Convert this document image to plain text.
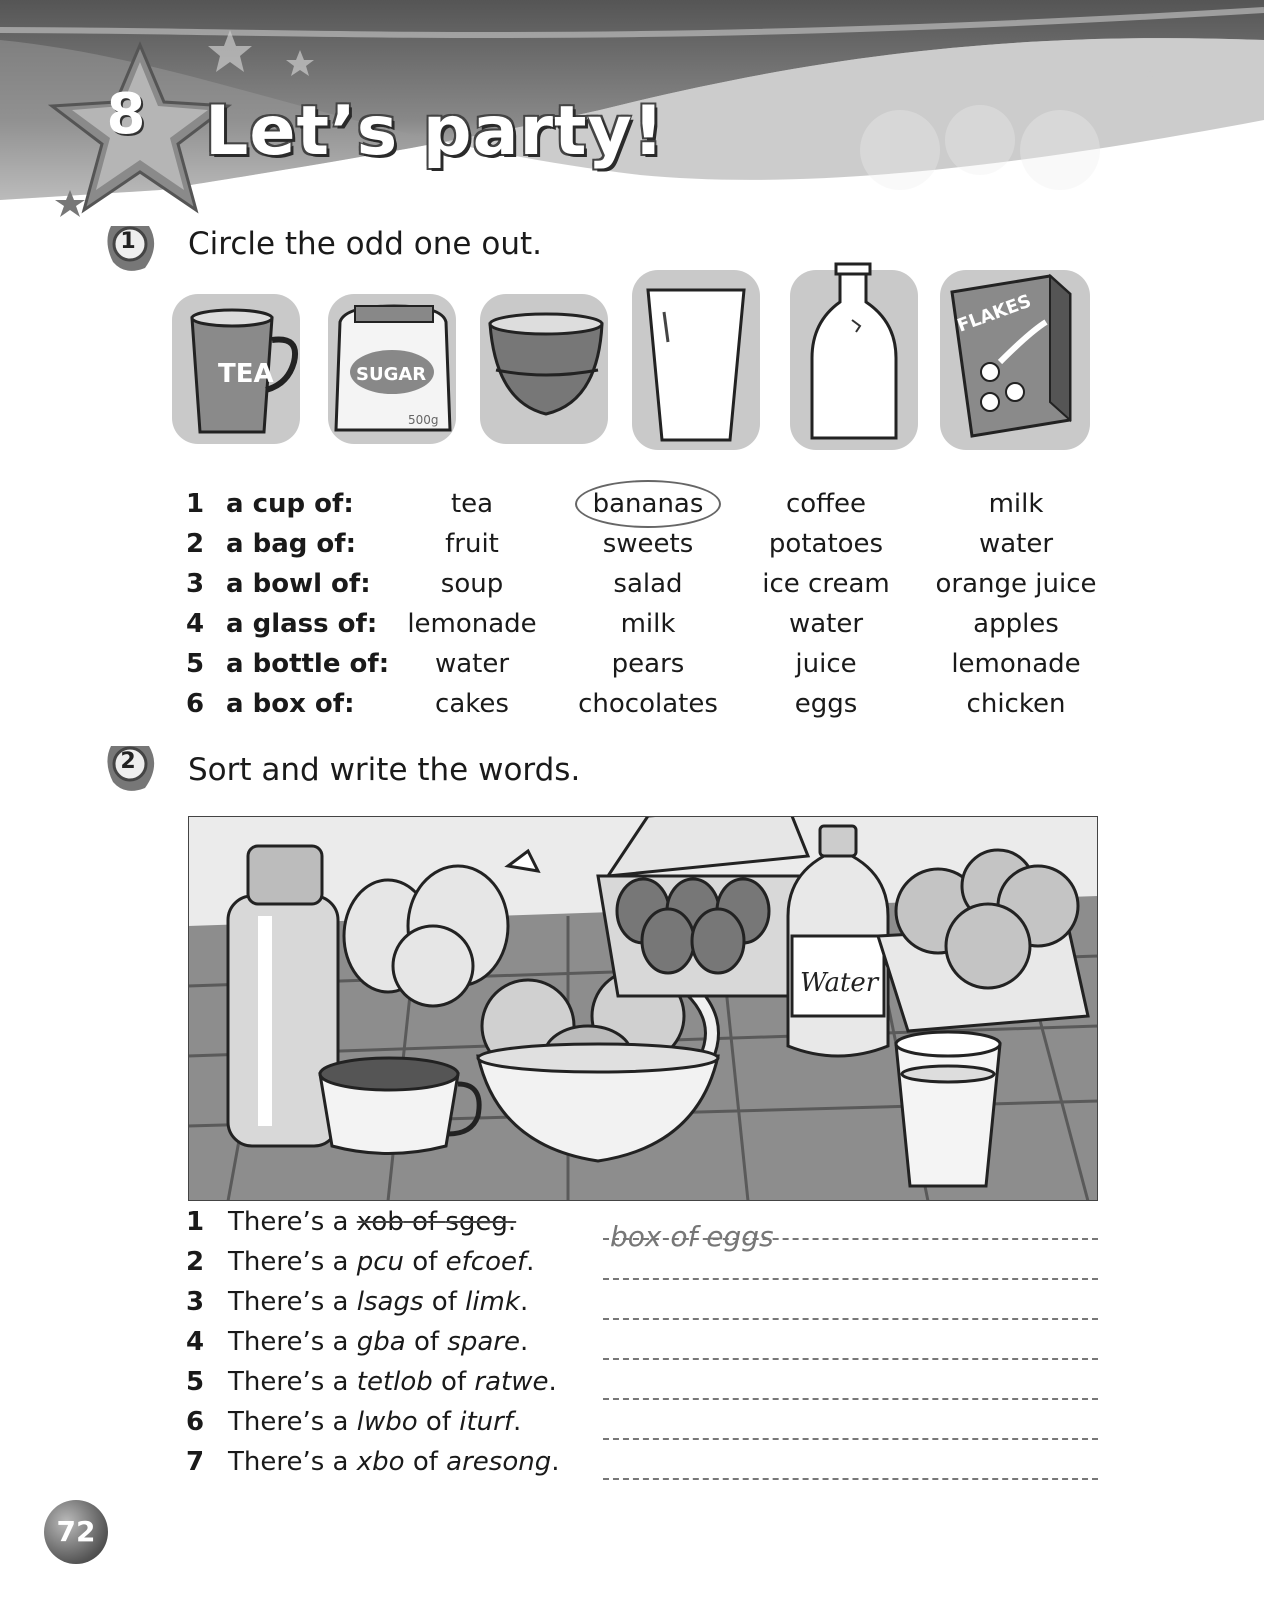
8 Let’s party!
1	Circle the odd one out.
TEA	SUGAR
500g
FLAKES
1 a cup of:	tea	bananas	coffee	milk
2 a bag of:	fruit	sweets	potatoes	water
3 a bowl of:	soup	salad	ice cream	orange juice
4 a glass of:	lemonade	milk	water	apples
5 a bottle of:	water	pears	juice	lemonade
6 a box of:	cakes	chocolates	eggs	chicken
2	Sort and write the words.
Water
1 There’s a xob of sgeg.
2 There’s a pcu of efcoef.
3 There’s a lsags of limk.
4 There’s a gba of spare.
5 There’s a tetlob of ratwe.
6 There’s a lwbo of iturf.
7 There’s a xbo of aresong.
box of eggs
72
